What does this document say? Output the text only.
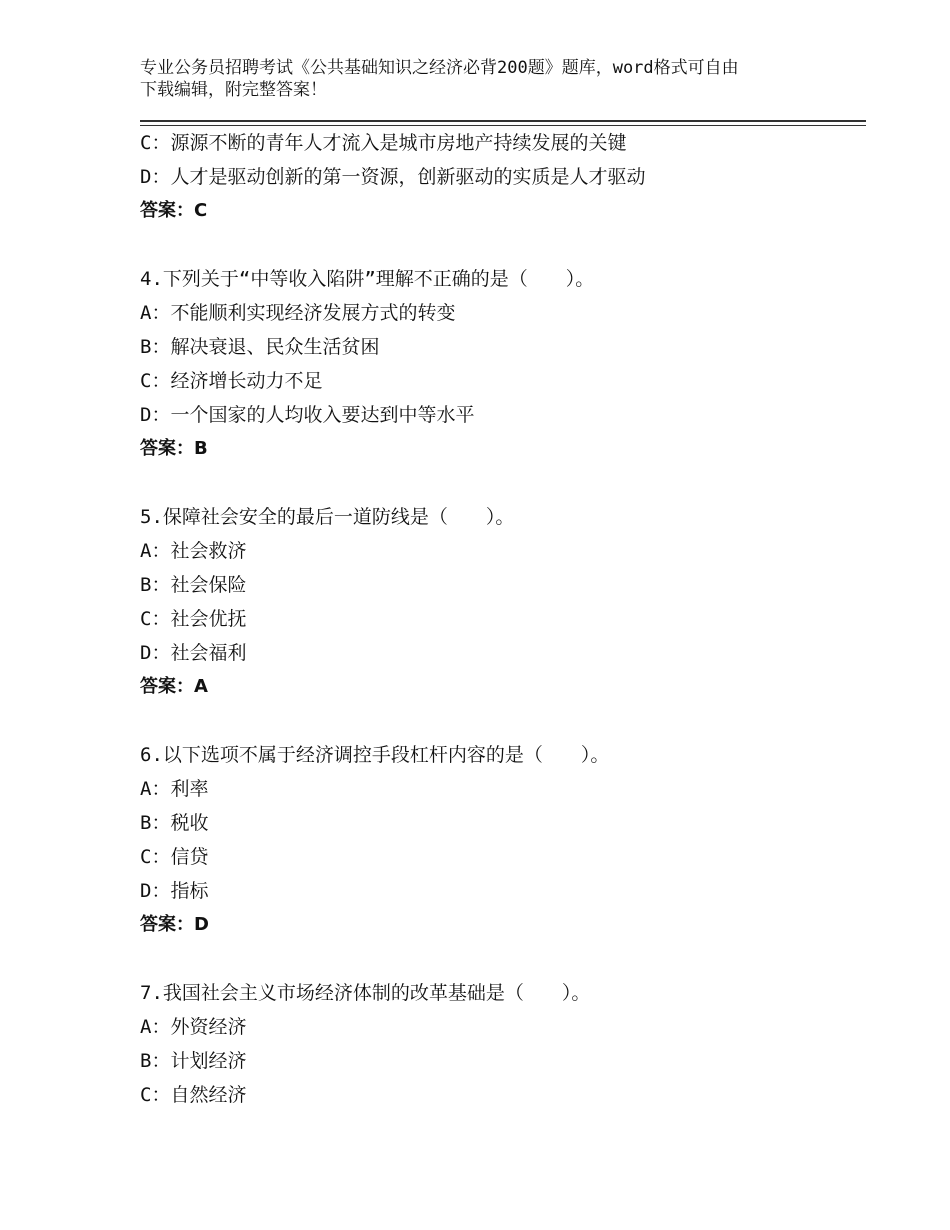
专业公务员招聘考试《公共基础知识之经济必背200题》题库，word格式可自由
下载编辑，附完整答案！
C：源源不断的青年人才流入是城市房地产持续发展的关键
D：人才是驱动创新的第一资源，创新驱动的实质是人才驱动
答案：C
4.下列关于“中等收入陷阱”理解不正确的是（　　）。
A：不能顺利实现经济发展方式的转变
B：解决衰退、民众生活贫困
C：经济增长动力不足
D：一个国家的人均收入要达到中等水平
答案：B
5.保障社会安全的最后一道防线是（　　）。
A：社会救济
B：社会保险
C：社会优抚
D：社会福利
答案：A
6.以下选项不属于经济调控手段杠杆内容的是（　　）。
A：利率
B：税收
C：信贷
D：指标
答案：D
7.我国社会主义市场经济体制的改革基础是（　　）。
A：外资经济
B：计划经济
C：自然经济
